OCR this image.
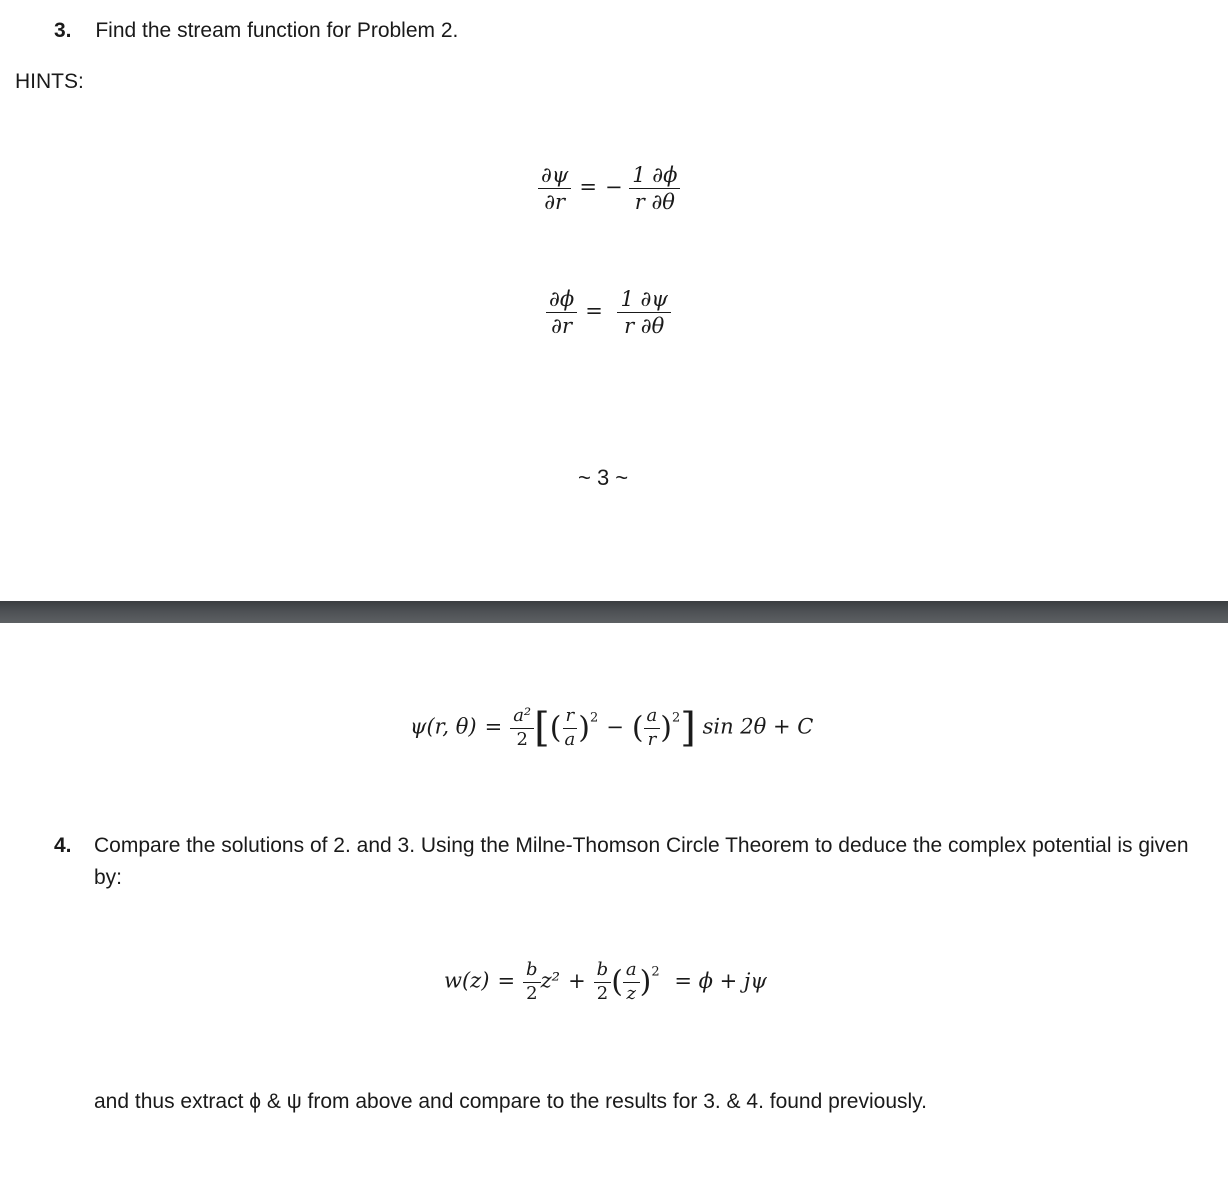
3. Find the stream function for Problem 2.
HINTS:
$\frac{\partial\psi}{\partial r}$ = − $\frac{1 \partial\phi}{r \partial\theta}$
$\frac{\partial\phi}{\partial r} = \frac{1 \partial\psi}{r \partial\theta}$
~ 3 ~
ψ(r, $\theta) = \frac{\text{a²}}{2}$ [( $\frac{r}{a} )^2$ − ( $\frac{a}{r} )^2$] sin 2θ + C
4.	Compare the solutions of 2. and 3. Using the Milne-Thomson Circle Theorem to deduce the complex potential is given by:
$w(z) = \frac{b}{2} z^2 + \frac{b}{2}$ ( $\frac{a}{z} )^2 = \phi + j\psi$
and thus extract ϕ & ψ from above and compare to the results for 3. & 4. found previously.
